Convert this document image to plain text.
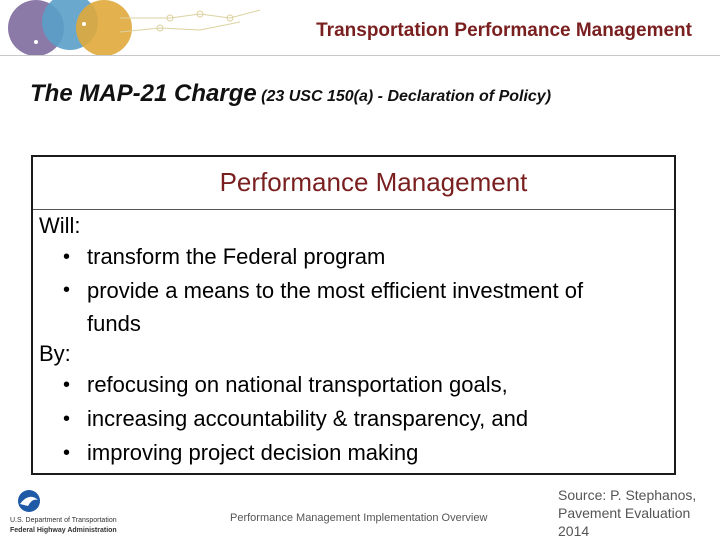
Transportation Performance Management
The MAP-21 Charge (23 USC 150(a) - Declaration of Policy)
Performance Management
Will:
• transform the Federal program
• provide a means to the most efficient investment of
funds
By:
• refocusing on national transportation goals,
• increasing accountability & transparency, and
• improving project decision making
U.S. Department of Transportation
Federal Highway Administration
Performance Management Implementation Overview
Source: P. Stephanos,
Pavement Evaluation
2014
